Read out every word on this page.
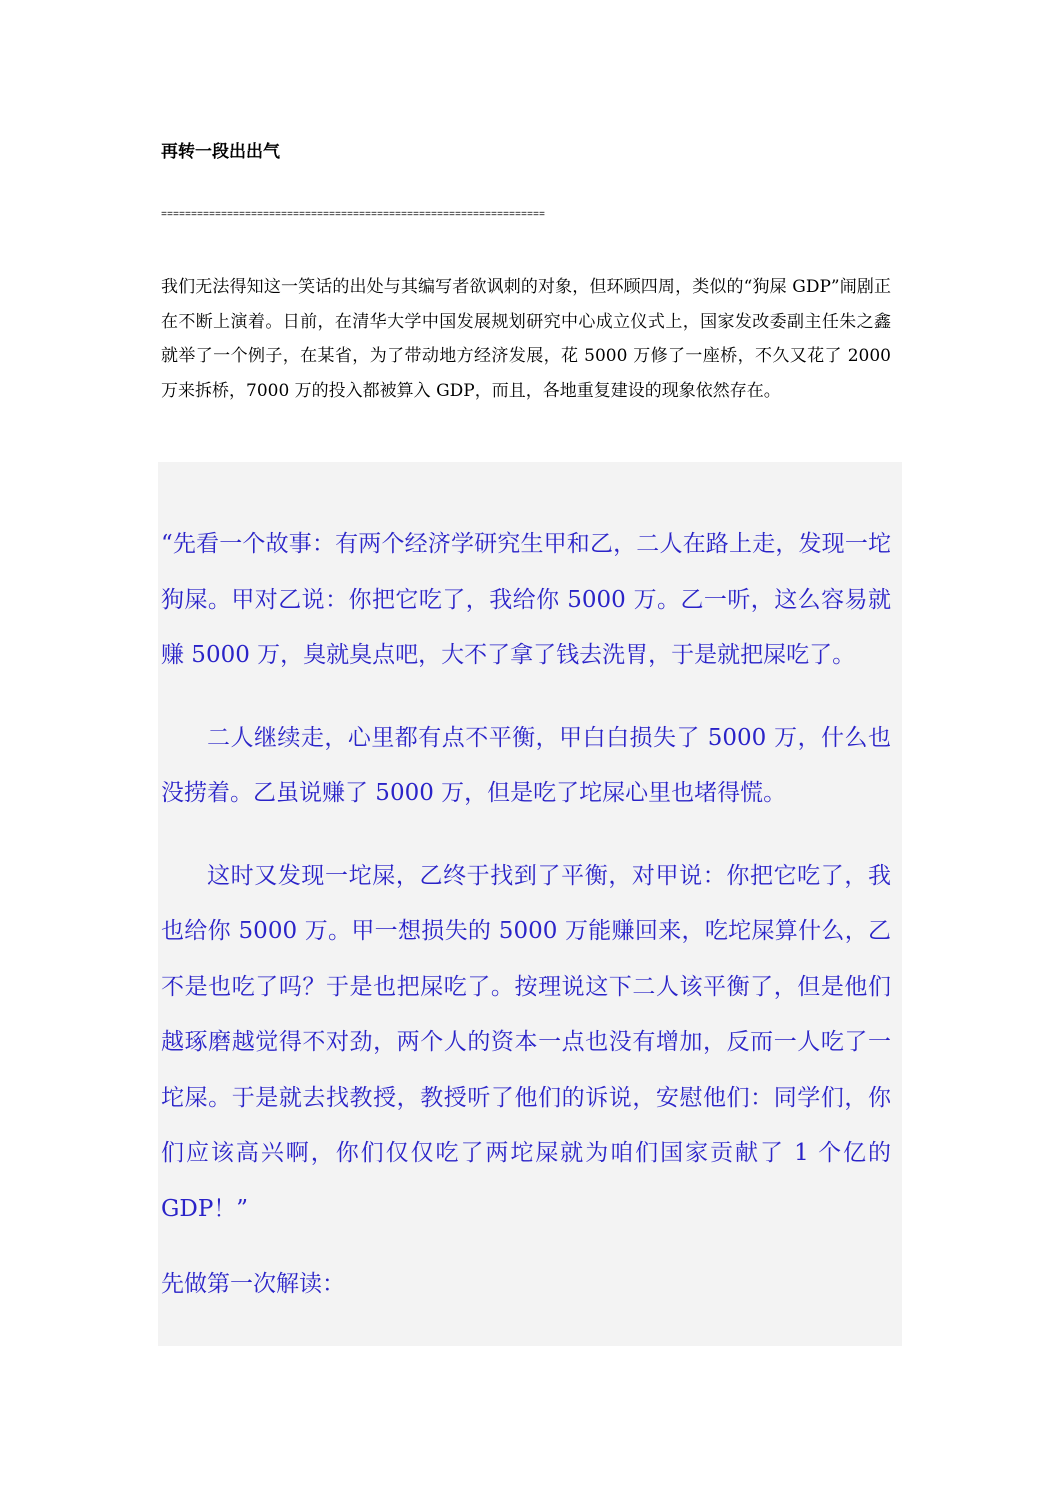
再转一段出出气
================================================================

我们无法得知这一笑话的出处与其编写者欲讽刺的对象，但环顾四周，类似的“狗屎 GDP”闹剧正在不断上演着。日前，在清华大学中国发展规划研究中心成立仪式上，国家发改委副主任朱之鑫就举了一个例子，在某省，为了带动地方经济发展，花 5000 万修了一座桥，不久又花了 2000 万来拆桥，7000 万的投入都被算入 GDP，而且，各地重复建设的现象依然存在。

“先看一个故事：有两个经济学研究生甲和乙，二人在路上走，发现一坨狗屎。甲对乙说：你把它吃了，我给你 5000 万。乙一听，这么容易就赚 5000 万，臭就臭点吧，大不了拿了钱去洗胃，于是就把屎吃了。

二人继续走，心里都有点不平衡，甲白白损失了 5000 万，什么也没捞着。乙虽说赚了 5000 万，但是吃了坨屎心里也堵得慌。

这时又发现一坨屎，乙终于找到了平衡，对甲说：你把它吃了，我也给你 5000 万。甲一想损失的 5000 万能赚回来，吃坨屎算什么，乙不是也吃了吗？于是也把屎吃了。按理说这下二人该平衡了，但是他们越琢磨越觉得不对劲，两个人的资本一点也没有增加，反而一人吃了一坨屎。于是就去找教授，教授听了他们的诉说，安慰他们：同学们，你们应该高兴啊，你们仅仅吃了两坨屎就为咱们国家贡献了 1 个亿的 GDP！”

先做第一次解读：
